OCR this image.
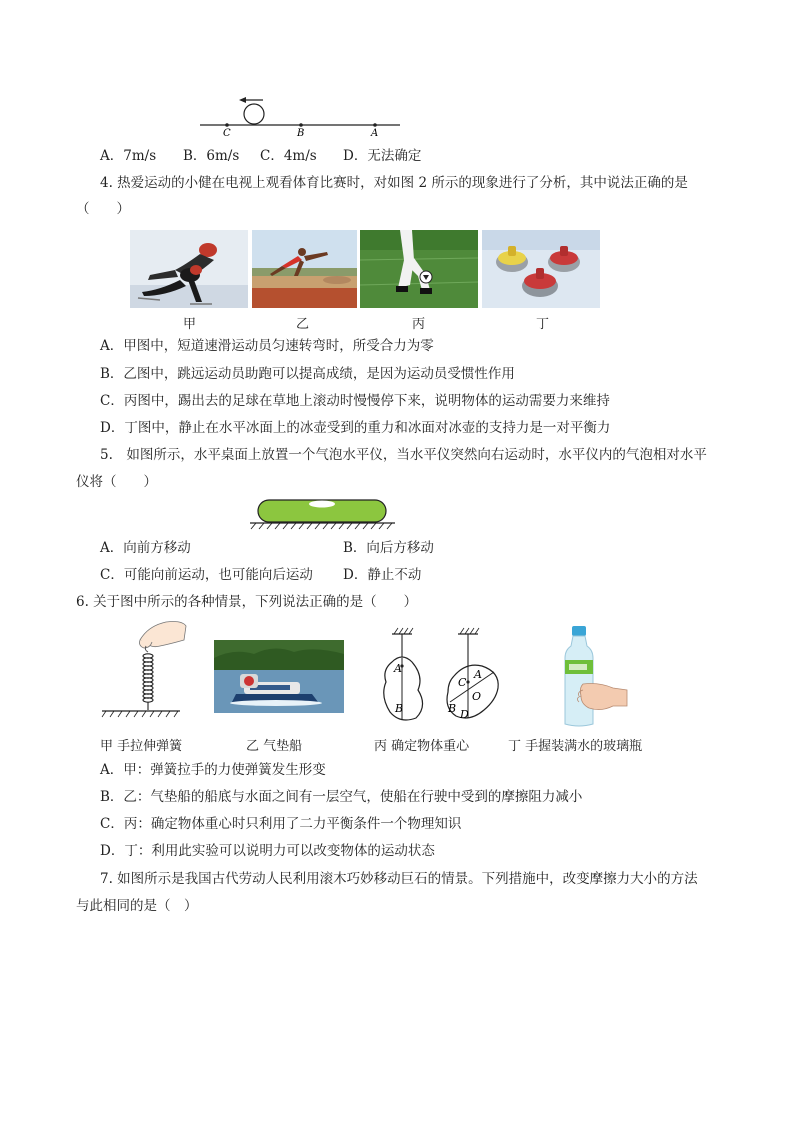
C	B	A
A．7m/s B．6m/s C．4m/s D．无法确定
4. 热爱运动的小健在电视上观看体育比赛时，对如图 2 所示的现象进行了分析，其中说法正确的是
（　　）
甲	乙	丙	丁
A．甲图中，短道速滑运动员匀速转弯时，所受合力为零
B．乙图中，跳远运动员助跑可以提高成绩，是因为运动员受惯性作用
C．丙图中，踢出去的足球在草地上滚动时慢慢停下来，说明物体的运动需要力来维持
D．丁图中，静止在水平冰面上的冰壶受到的重力和冰面对冰壶的支持力是一对平衡力
5.　如图所示，水平桌面上放置一个气泡水平仪，当水平仪突然向右运动时，水平仪内的气泡相对水平
仪将（　　）
A．向前方移动	B．向后方移动
C．可能向前运动，也可能向后运动 D．静止不动
6. 关于图中所示的各种情景，下列说法正确的是（　　）
A
B
C
A
O
B D
甲 手拉伸弹簧	乙 气垫船	丙 确定物体重心	丁 手握装满水的玻璃瓶
A．甲：弹簧拉手的力使弹簧发生形变
B．乙：气垫船的船底与水面之间有一层空气，使船在行驶中受到的摩擦阻力减小
C．丙：确定物体重心时只利用了二力平衡条件一个物理知识
D．丁：利用此实验可以说明力可以改变物体的运动状态
7. 如图所示是我国古代劳动人民利用滚木巧妙移动巨石的情景。下列措施中，改变摩擦力大小的方法
与此相同的是（　）
